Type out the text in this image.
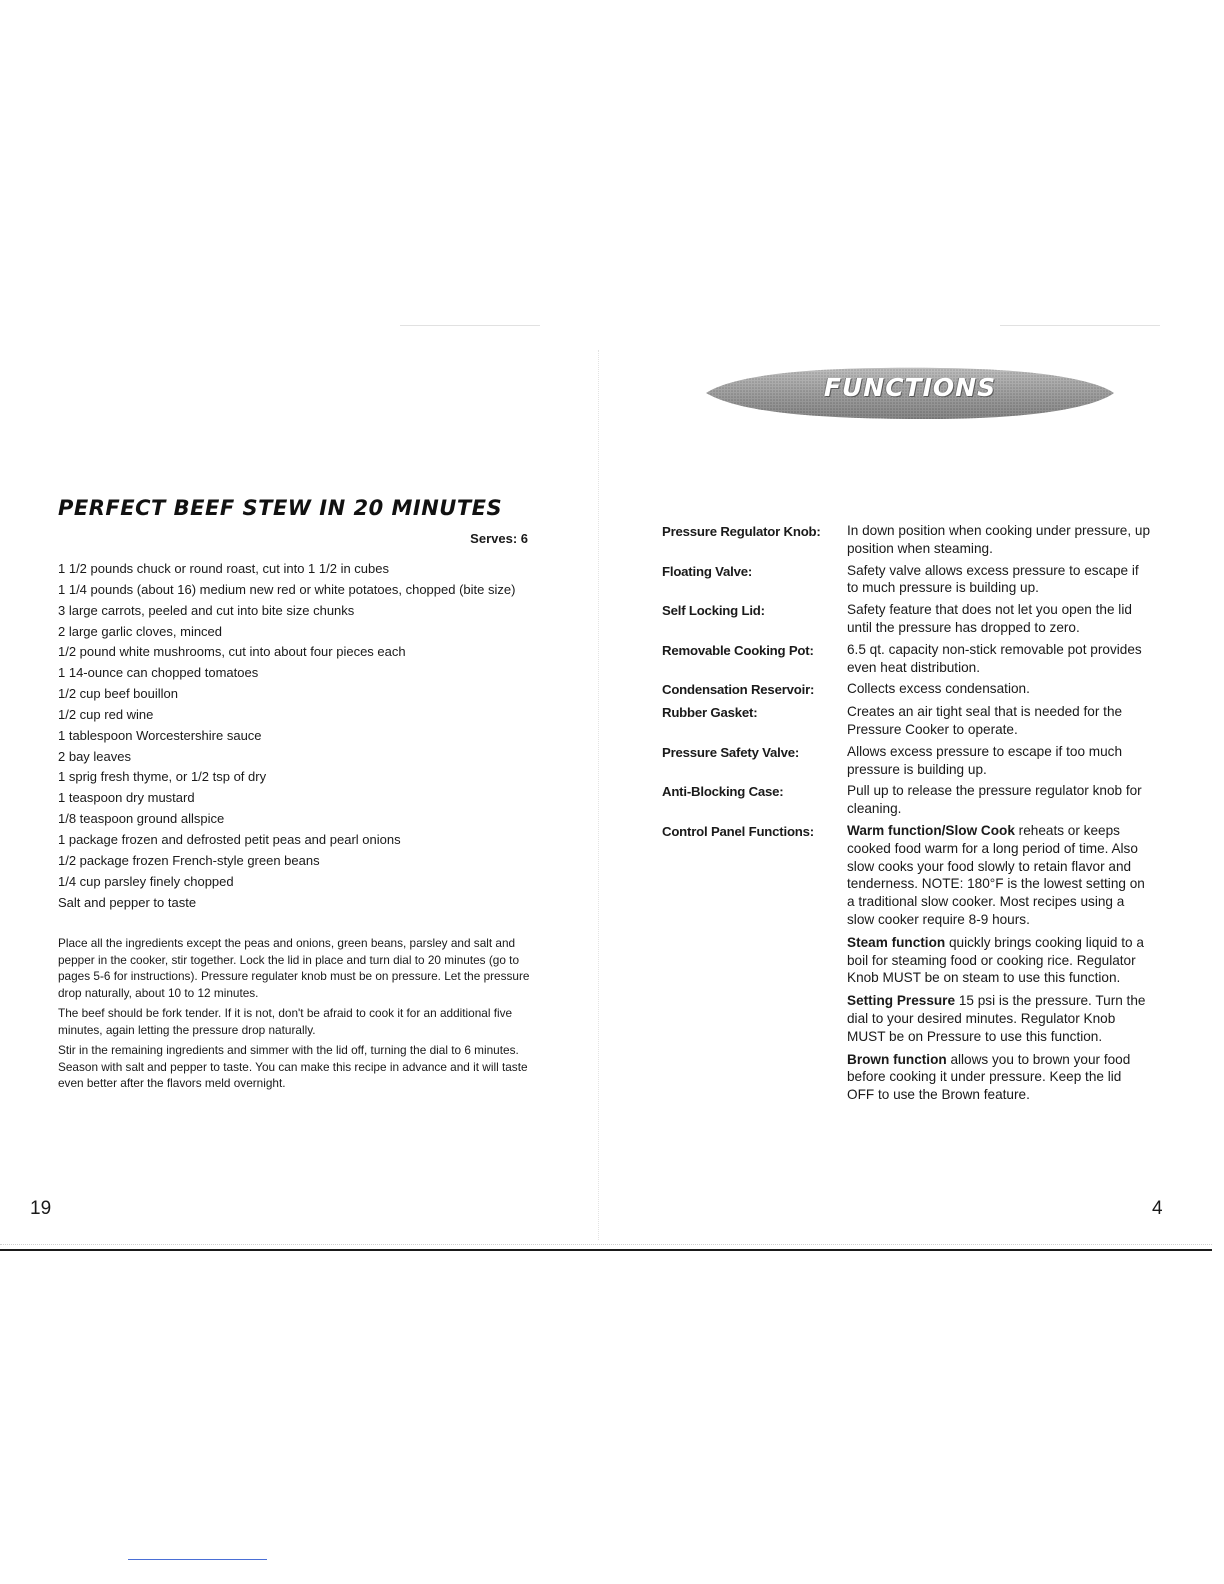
PERFECT BEEF STEW IN 20 MINUTES
Serves: 6
1 1/2 pounds chuck or round roast, cut into 1 1/2 in cubes
1 1/4 pounds (about 16) medium new red or white potatoes, chopped (bite size)
3 large carrots, peeled and cut into bite size chunks
2 large garlic cloves, minced
1/2 pound white mushrooms, cut into about four pieces each
1 14-ounce can chopped tomatoes
1/2 cup beef bouillon
1/2 cup red wine
1 tablespoon Worcestershire sauce
2 bay leaves
1 sprig fresh thyme, or 1/2 tsp of dry
1 teaspoon dry mustard
1/8 teaspoon ground allspice
1 package frozen and defrosted petit peas and pearl onions
1/2 package frozen French-style green beans
1/4 cup parsley finely chopped
Salt and pepper to taste

Place all the ingredients except the peas and onions, green beans, parsley and salt and pepper in the cooker, stir together. Lock the lid in place and turn dial to 20 minutes (go to pages 5-6 for instructions). Pressure regulater knob must be on pressure. Let the pressure drop naturally, about 10 to 12 minutes.

The beef should be fork tender. If it is not, don't be afraid to cook it for an additional five minutes, again letting the pressure drop naturally.

Stir in the remaining ingredients and simmer with the lid off, turning the dial to 6 minutes. Season with salt and pepper to taste. You can make this recipe in advance and it will taste even better after the flavors meld overnight.

19
FUNCTIONS
Pressure Regulator Knob:	In down position when cooking under pressure, up position when steaming.
Floating Valve:	Safety valve allows excess pressure to escape if to much pressure is building up.
Self Locking Lid:	Safety feature that does not let you open the lid until the pressure has dropped to zero.
Removable Cooking Pot:	6.5 qt. capacity non-stick removable pot provides even heat distribution.
Condensation Reservoir:	Collects excess condensation.
Rubber Gasket:	Creates an air tight seal that is needed for the Pressure Cooker to operate.
Pressure Safety Valve:	Allows excess pressure to escape if too much pressure is building up.
Anti-Blocking Case:	Pull up to release the pressure regulator knob for cleaning.
Control Panel Functions:	Warm function/Slow Cook reheats or keeps cooked food warm for a long period of time. Also slow cooks your food slowly to retain flavor and tenderness. NOTE: 180°F is the lowest setting on a traditional slow cooker. Most recipes using a slow cooker require 8-9 hours.

Steam function quickly brings cooking liquid to a boil for steaming food or cooking rice. Regulator Knob MUST be on steam to use this function.

Setting Pressure 15 psi is the pressure. Turn the dial to your desired minutes. Regulator Knob MUST be on Pressure to use this function.

Brown function allows you to brown your food before cooking it under pressure. Keep the lid OFF to use the Brown feature.

4
